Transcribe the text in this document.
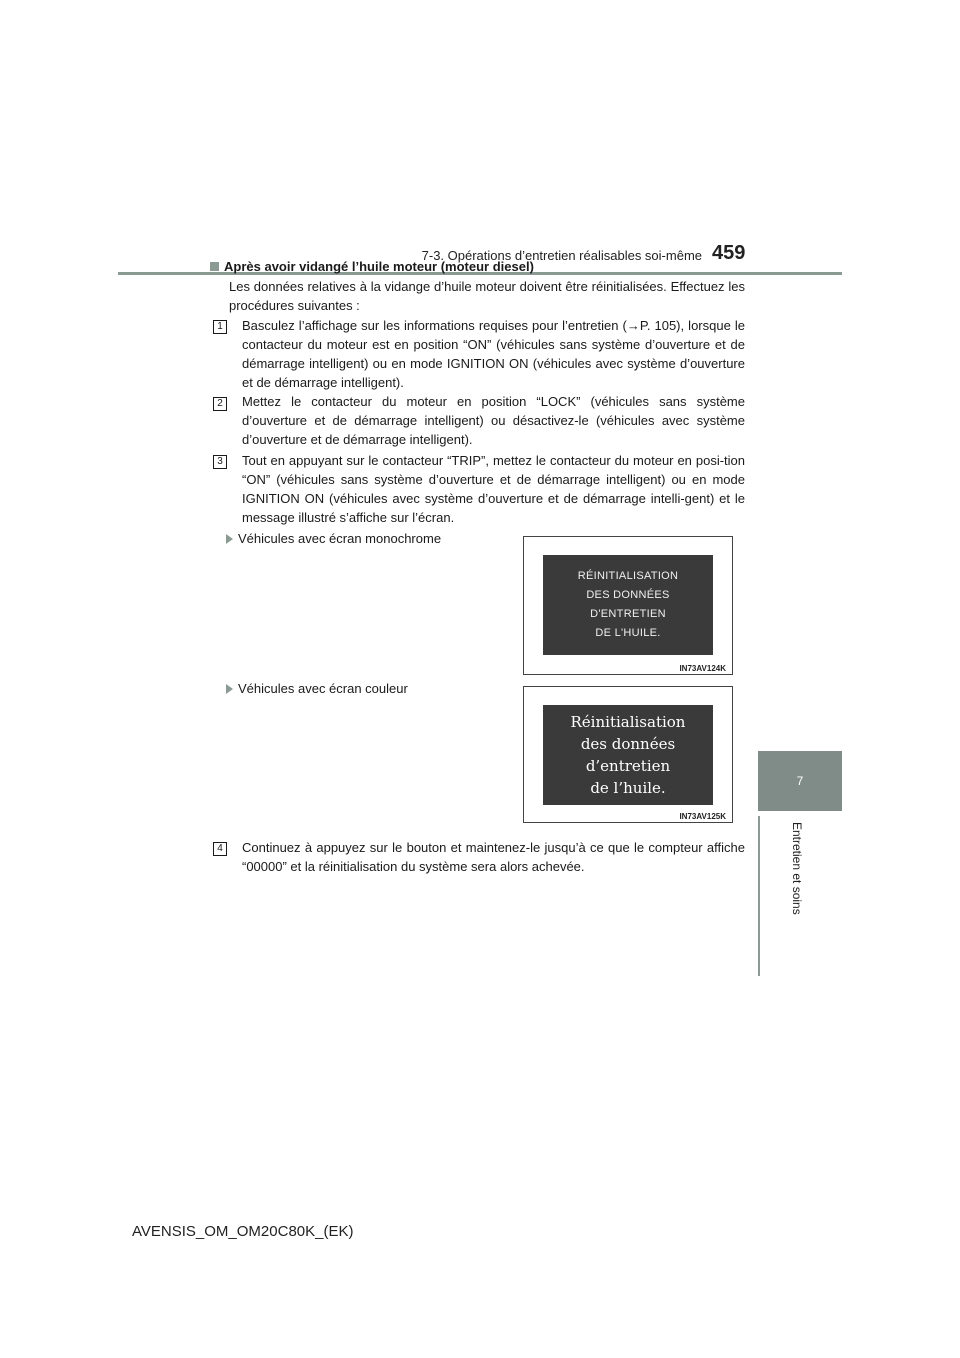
7-3. Opérations d’entretien réalisables soi-même 459
7
Entretien et soins
Après avoir vidangé l’huile moteur (moteur diesel)
Les données relatives à la vidange d’huile moteur doivent être réinitialisées. Effectuez les procédures suivantes :
1	Basculez l’affichage sur les informations requises pour l’entretien (→P. 105), lorsque le contacteur du moteur est en position “ON” (véhicules sans système d’ouverture et de démarrage intelligent) ou en mode IGNITION ON (véhicules avec système d’ouverture et de démarrage intelligent).
2	Mettez le contacteur du moteur en position “LOCK” (véhicules sans système d’ouverture et de démarrage intelligent) ou désactivez-le (véhicules avec système d’ouverture et de démarrage intelligent).
3	Tout en appuyant sur le contacteur “TRIP”, mettez le contacteur du moteur en posi-tion “ON” (véhicules sans système d’ouverture et de démarrage intelligent) ou en mode IGNITION ON (véhicules avec système d’ouverture et de démarrage intelli-gent) et le message illustré s’affiche sur l’écran.
Véhicules avec écran monochrome
RÉINITIALISATION
DES DONNÉES
D'ENTRETIEN
DE L'HUILE.
IN73AV124K
Véhicules avec écran couleur
Réinitialisation
des données
d’entretien
de l’huile.
IN73AV125K
4	Continuez à appuyez sur le bouton et maintenez-le jusqu’à ce que le compteur affiche “00000” et la réinitialisation du système sera alors achevée.
AVENSIS_OM_OM20C80K_(EK)
